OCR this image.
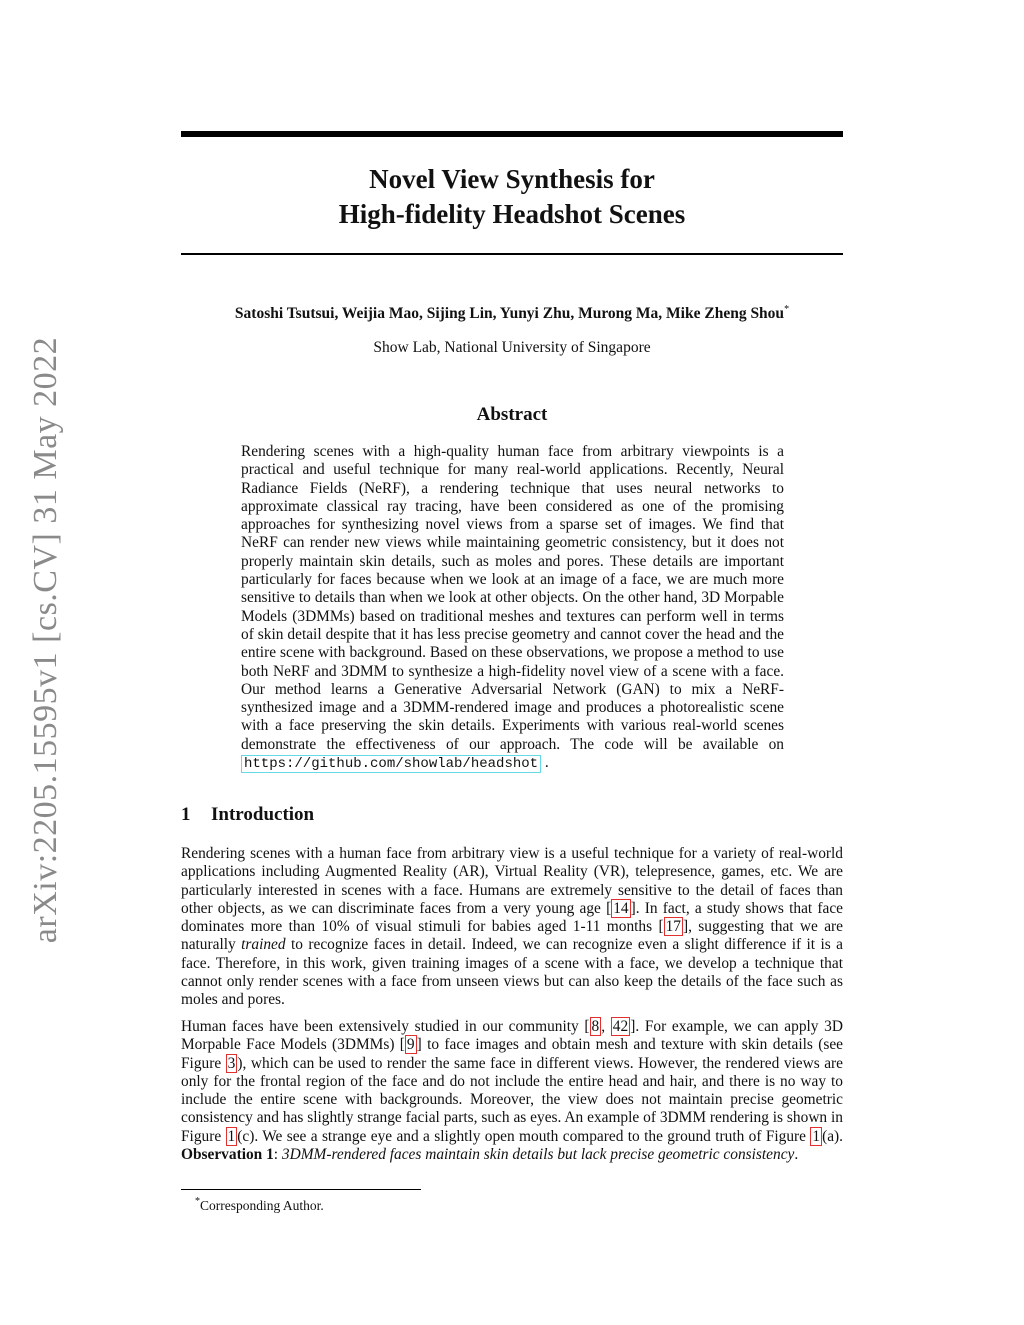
arXiv:2205.15595v1 [cs.CV] 31 May 2022
Novel View Synthesis for
High-fidelity Headshot Scenes
Satoshi Tsutsui, Weijia Mao, Sijing Lin, Yunyi Zhu, Murong Ma, Mike Zheng Shou*
Show Lab, National University of Singapore
Abstract
Rendering scenes with a high-quality human face from arbitrary viewpoints is a practical and useful technique for many real-world applications. Recently, Neural Radiance Fields (NeRF), a rendering technique that uses neural networks to approximate classical ray tracing, have been considered as one of the promising approaches for synthesizing novel views from a sparse set of images. We find that NeRF can render new views while maintaining geometric consistency, but it does not properly maintain skin details, such as moles and pores. These details are important particularly for faces because when we look at an image of a face, we are much more sensitive to details than when we look at other objects. On the other hand, 3D Morpable Models (3DMMs) based on traditional meshes and textures can perform well in terms of skin detail despite that it has less precise geometry and cannot cover the head and the entire scene with background. Based on these observations, we propose a method to use both NeRF and 3DMM to synthesize a high-fidelity novel view of a scene with a face. Our method learns a Generative Adversarial Network (GAN) to mix a NeRF-synthesized image and a 3DMM-rendered image and produces a photorealistic scene with a face preserving the skin details. Experiments with various real-world scenes demonstrate the effectiveness of our approach. The code will be available on https://github.com/showlab/headshot .
1 Introduction
Rendering scenes with a human face from arbitrary view is a useful technique for a variety of real-world applications including Augmented Reality (AR), Virtual Reality (VR), telepresence, games, etc. We are particularly interested in scenes with a face. Humans are extremely sensitive to the detail of faces than other objects, as we can discriminate faces from a very young age [ 14 ]. In fact, a study shows that face dominates more than 10% of visual stimuli for babies aged 1-11 months [ 17 ], suggesting that we are naturally trained to recognize faces in detail. Indeed, we can recognize even a slight difference if it is a face. Therefore, in this work, given training images of a scene with a face, we develop a technique that cannot only render scenes with a face from unseen views but can also keep the details of the face such as moles and pores.
Human faces have been extensively studied in our community [ 8 , 42 ]. For example, we can apply 3D Morpable Face Models (3DMMs) [ 9 ] to face images and obtain mesh and texture with skin details (see Figure 3 ), which can be used to render the same face in different views. However, the rendered views are only for the frontal region of the face and do not include the entire head and hair, and there is no way to include the entire scene with backgrounds. Moreover, the view does not maintain precise geometric consistency and has slightly strange facial parts, such as eyes. An example of 3DMM rendering is shown in Figure 1 (c). We see a strange eye and a slightly open mouth compared to the ground truth of Figure 1 (a). Observation 1: 3DMM-rendered faces maintain skin details but lack precise geometric consistency.
*Corresponding Author.
